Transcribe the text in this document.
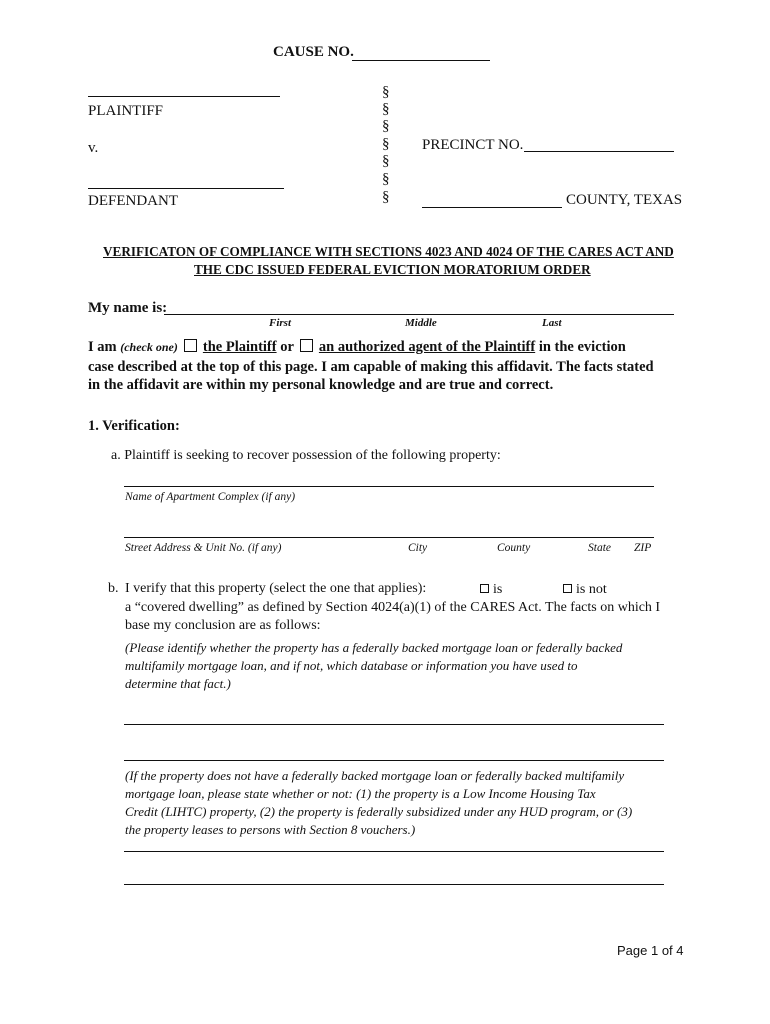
CAUSE NO.
PLAINTIFF
v.
DEFENDANT
§
§
§
§
§
§
§
PRECINCT NO.
COUNTY, TEXAS
VERIFICATON OF COMPLIANCE WITH SECTIONS 4023 AND 4024 OF THE CARES ACT AND
THE CDC ISSUED FEDERAL EVICTION MORATORIUM ORDER
My name is:
First	Middle	Last
I am (check one) the Plaintiff or an authorized agent of the Plaintiff in the eviction
case described at the top of this page. I am capable of making this affidavit. The facts stated
in the affidavit are within my personal knowledge and are true and correct.
1. Verification:
a. Plaintiff is seeking to recover possession of the following property:
Name of Apartment Complex (if any)
Street Address & Unit No. (if any)	City	County	State ZIP
b. I verify that this property (select the one that applies):	is	is not
a “covered dwelling” as defined by Section 4024(a)(1) of the CARES Act. The facts on which I
base my conclusion are as follows:
(Please identify whether the property has a federally backed mortgage loan or federally backed
multifamily mortgage loan, and if not, which database or information you have used to
determine that fact.)
(If the property does not have a federally backed mortgage loan or federally backed multifamily
mortgage loan, please state whether or not: (1) the property is a Low Income Housing Tax
Credit (LIHTC) property, (2) the property is federally subsidized under any HUD program, or (3)
the property leases to persons with Section 8 vouchers.)
Page 1 of 4
